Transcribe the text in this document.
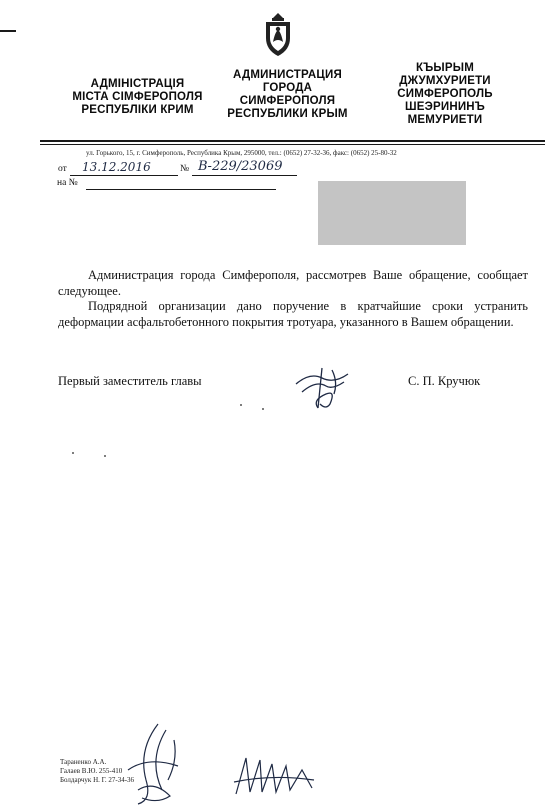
АДМІНІСТРАЦІЯ
МІСТА СІМФЕРОПОЛЯ
РЕСПУБЛІКИ КРИМ
АДМИНИСТРАЦИЯ
ГОРОДА
СИМФЕРОПОЛЯ
РЕСПУБЛИКИ КРЫМ
КЪЫРЫМ
ДЖУМХУРИЕТИ
СИМФЕРОПОЛЬ
ШЕЭРИНИНЪ
МЕМУРИЕТИ
ул. Горького, 15, г. Симферополь, Республика Крым, 295000, тел.: (0652) 27-32-36, факс: (0652) 25-80-32
от 13.12.2016	№ В-229/23069
на №

Администрация города Симферополя, рассмотрев Ваше обращение, сообщает следующее.

Подрядной организации дано поручение в кратчайшие сроки устранить деформации асфальтобетонного покрытия тротуара, указанного в Вашем обращении.

Первый заместитель главы	С. П. Кручюк
Тараненко А.А.
Галаев В.Ю. 255-410
Болдарчук Н. Г. 27-34-36
